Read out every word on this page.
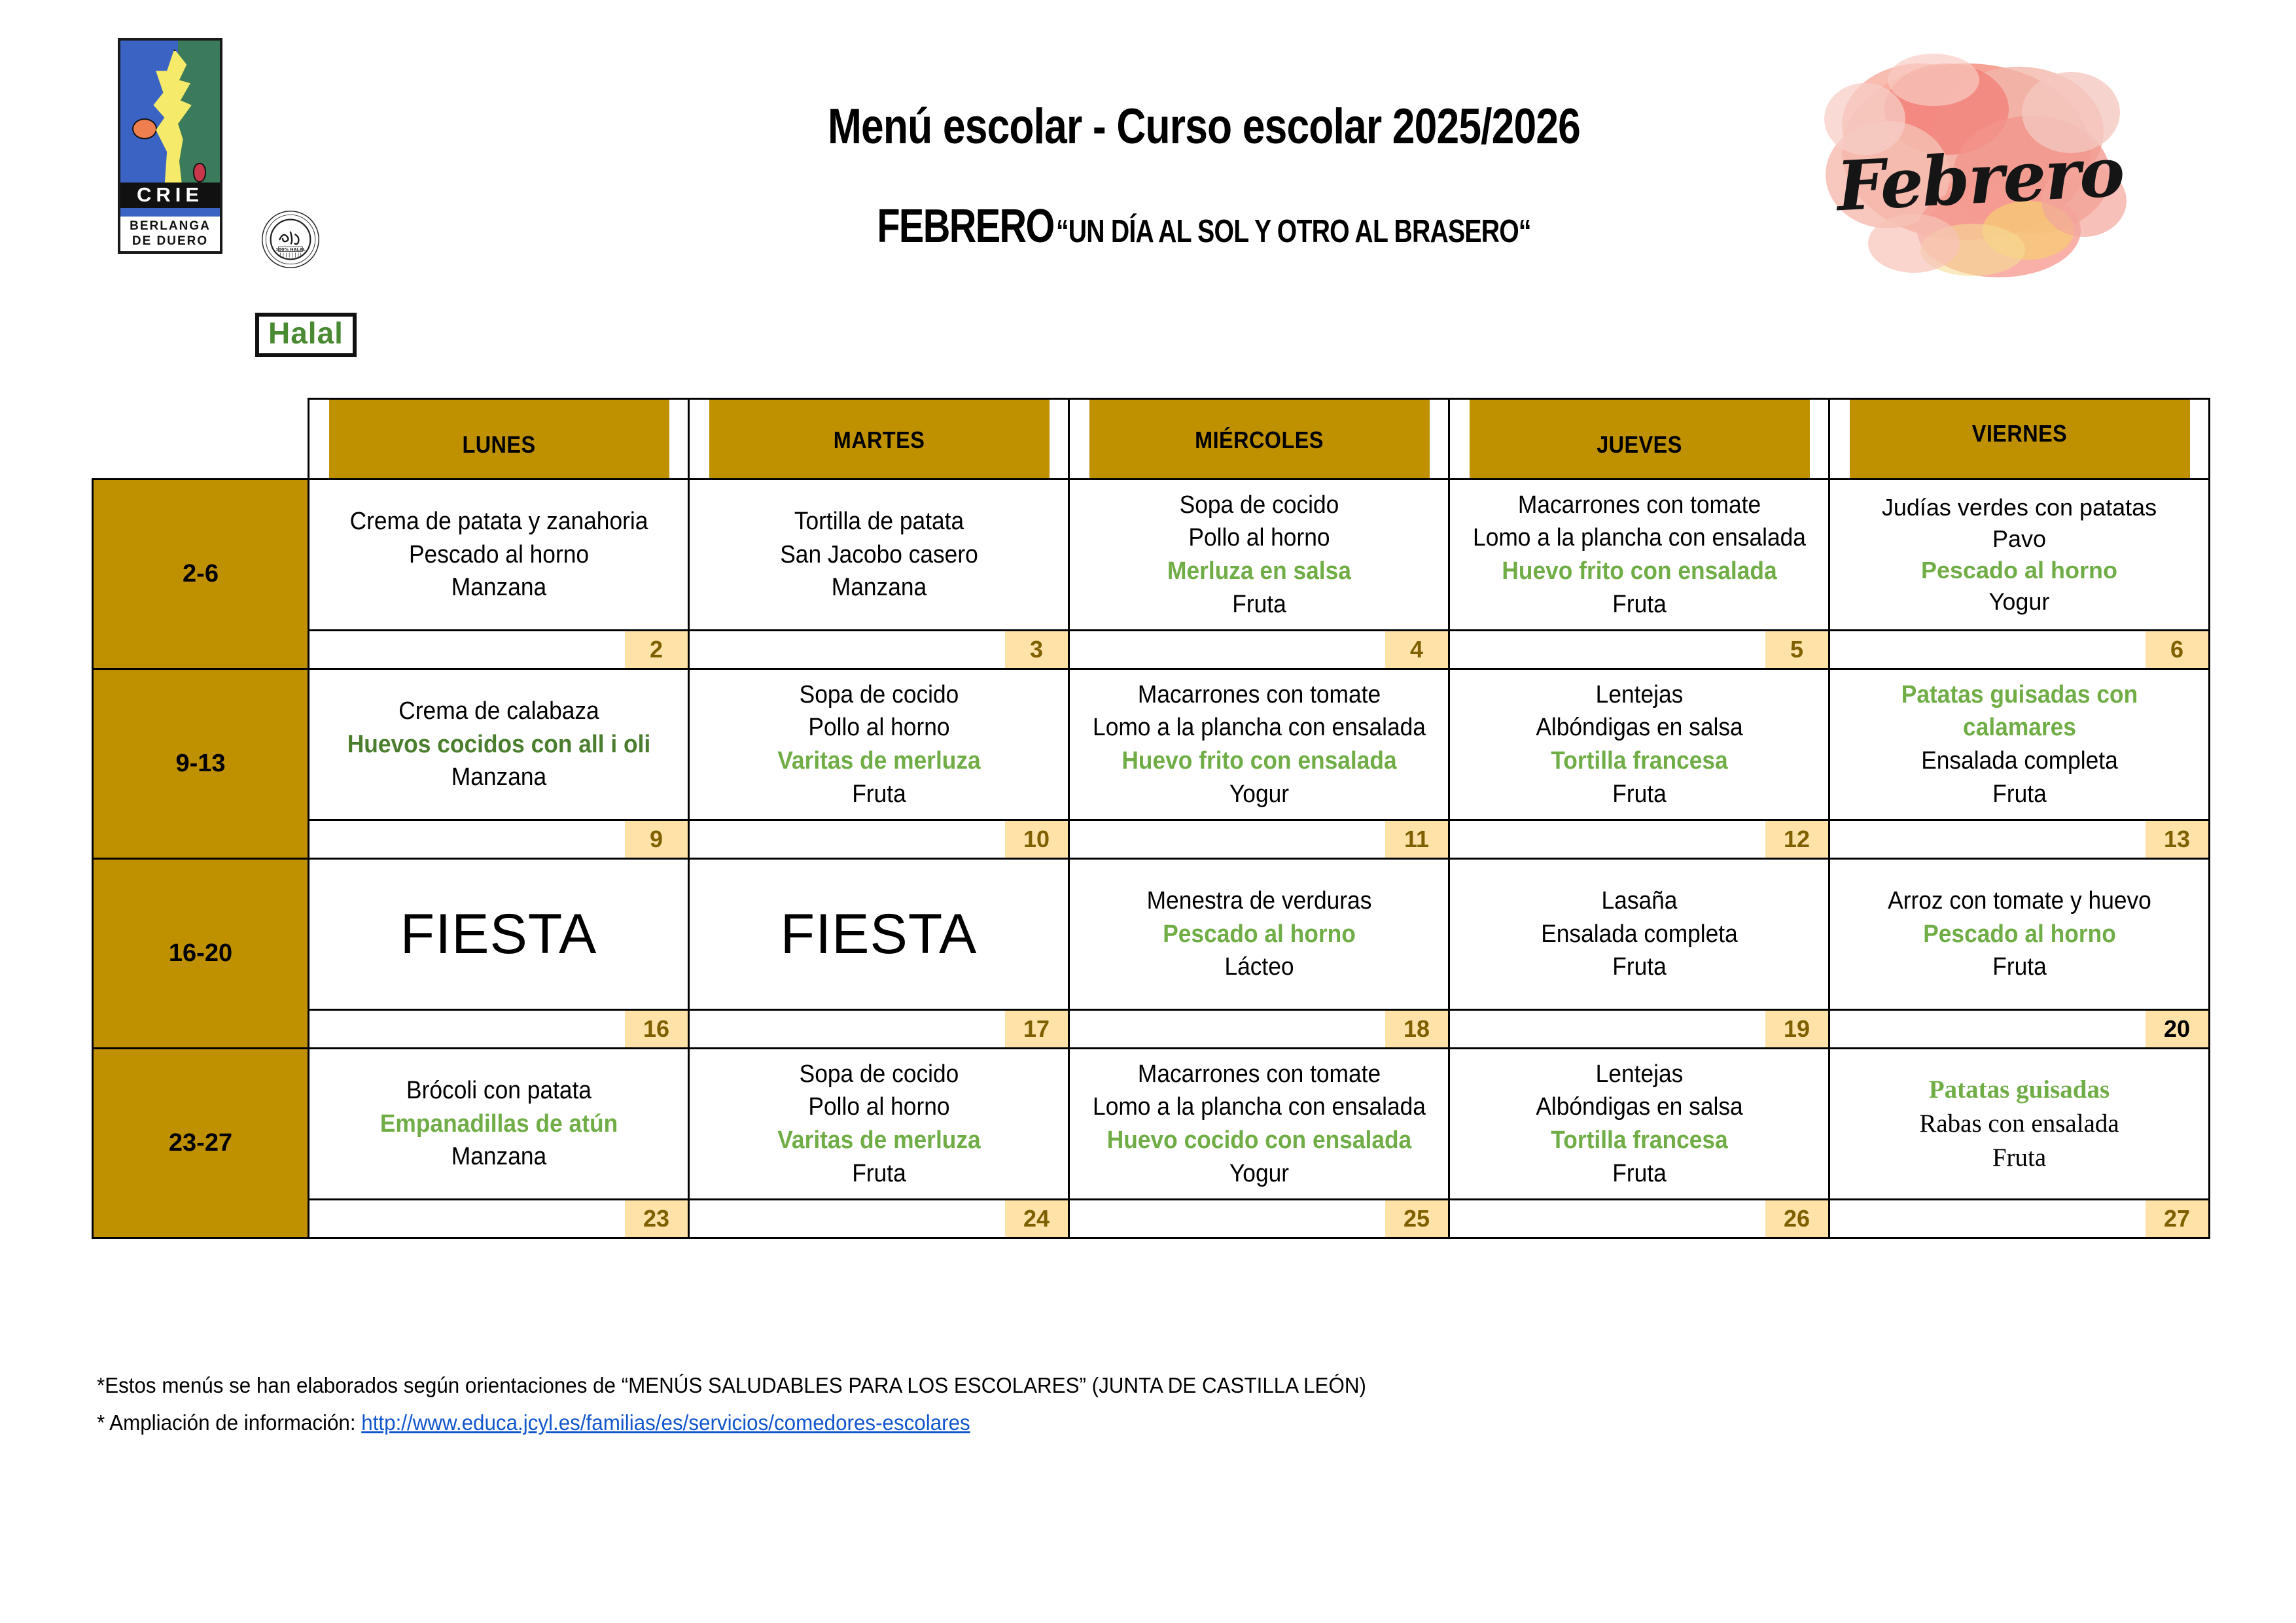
CRIE
BERLANGA
DE DUERO
100% HALAL
Halal
Menú escolar - Curso escolar 2025/2026
FEBRERO“UN DÍA AL SOL Y OTRO AL BRASERO“
Febrero
	LUNES	MARTES	MIÉRCOLES	JUEVES	VIERNES
2-6	Crema de patata y zanahoria
Pescado al horno
Manzana	Tortilla de patata
San Jacobo casero
Manzana	Sopa de cocido
Pollo al horno
Merluza en salsa
Fruta	Macarrones con tomate
Lomo a la plancha con ensalada
Huevo frito con ensalada
Fruta	Judías verdes con patatas
Pavo
Pescado al horno
Yogur

2	3	4	5	6

9-13	Crema de calabaza
Huevos cocidos con all i oli
Manzana	Sopa de cocido
Pollo al horno
Varitas de merluza
Fruta	Macarrones con tomate
Lomo a la plancha con ensalada
Huevo frito con ensalada
Yogur	Lentejas
Albóndigas en salsa
Tortilla francesa
Fruta	Patatas guisadas con calamares
Ensalada completa
Fruta

9	10	11	12	13

16-20	FIESTA	FIESTA	Menestra de verduras
Pescado al horno
Lácteo	Lasaña
Ensalada completa
Fruta	Arroz con tomate y huevo
Pescado al horno
Fruta

16	17	18	19	20

23-27	Brócoli con patata
Empanadillas de atún
Manzana	Sopa de cocido
Pollo al horno
Varitas de merluza
Fruta	Macarrones con tomate
Lomo a la plancha con ensalada
Huevo cocido con ensalada
Yogur	Lentejas
Albóndigas en salsa
Tortilla francesa
Fruta	Patatas guisadas
Rabas con ensalada
Fruta

23	24	25	26	27
*Estos menús se han elaborados según orientaciones de “MENÚS SALUDABLES PARA LOS ESCOLARES” (JUNTA DE CASTILLA LEÓN)
* Ampliación de información: http://www.educa.jcyl.es/familias/es/servicios/comedores-escolares
